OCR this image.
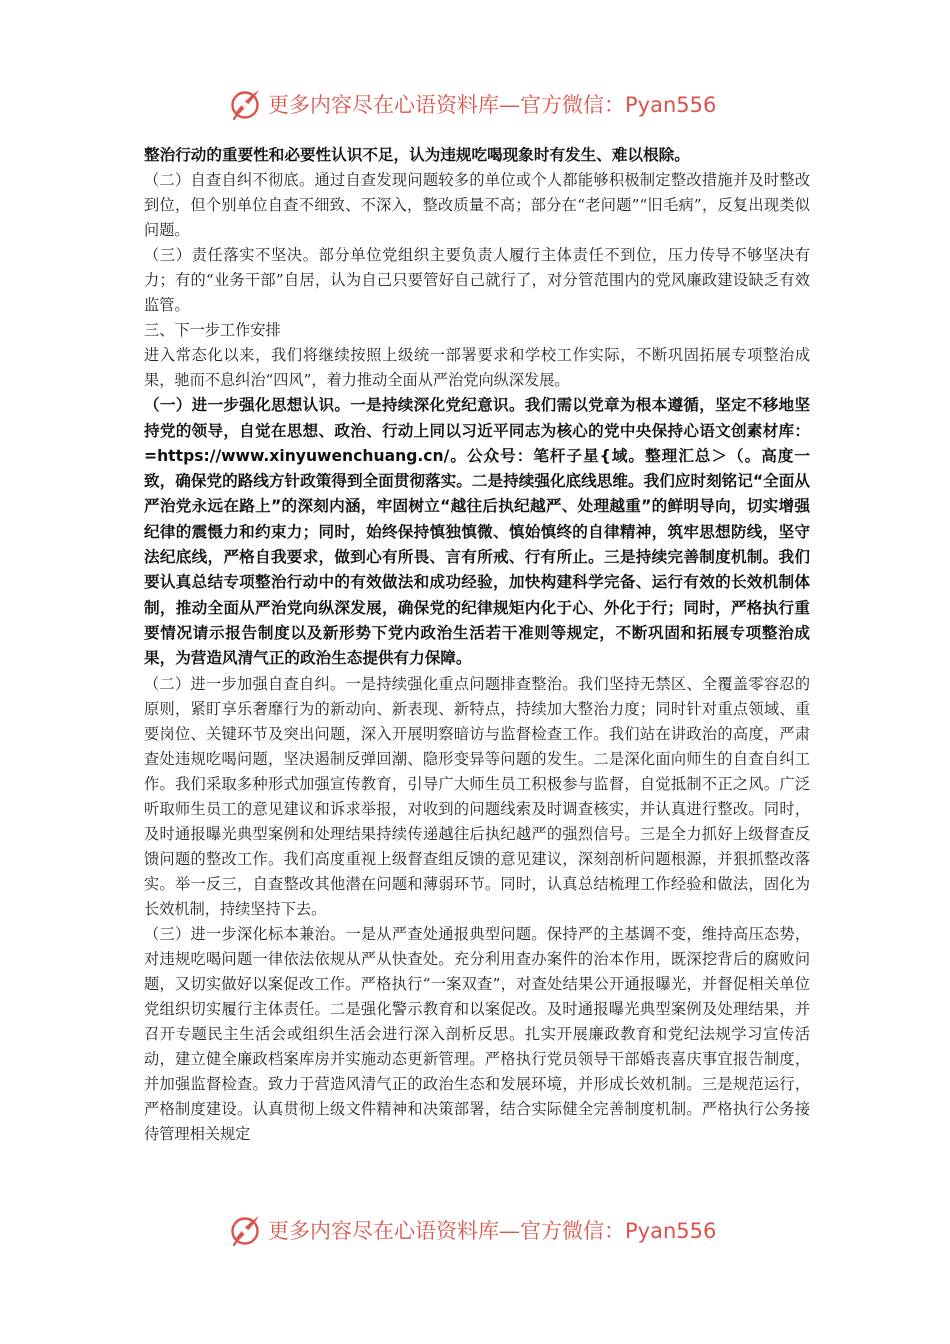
更多内容尽在心语资料库—官方微信：Pyan556

整治行动的重要性和必要性认识不足，认为违规吃喝现象时有发生、难以根除。

（二）自查自纠不彻底。通过自查发现问题较多的单位或个人都能够积极制定整改措施并及时整改到位，但个别单位自查不细致、不深入，整改质量不高；部分在“老问题”“旧毛病”，反复出现类似问题。

（三）责任落实不坚决。部分单位党组织主要负责人履行主体责任不到位，压力传导不够坚决有力；有的“业务干部”自居，认为自己只要管好自己就行了，对分管范围内的党风廉政建设缺乏有效监管。

三、下一步工作安排

进入常态化以来，我们将继续按照上级统一部署要求和学校工作实际，不断巩固拓展专项整治成果，驰而不息纠治“四风”，着力推动全面从严治党向纵深发展。

（一）进一步强化思想认识。一是持续深化党纪意识。我们需以党章为根本遵循，坚定不移地坚持党的领导，自觉在思想、政治、行动上同以习近平同志为核心的党中央保持心语文创素材库：=https://www.xinyuwenchuang.cn/。公众号：笔杆子星{域。整理汇总＞（。高度一致，确保党的路线方针政策得到全面贯彻落实。二是持续强化底线思维。我们应时刻铭记“全面从严治党永远在路上”的深刻内涵，牢固树立“越往后执纪越严、处理越重”的鲜明导向，切实增强纪律的震慑力和约束力；同时，始终保持慎独慎微、慎始慎终的自律精神，筑牢思想防线，坚守法纪底线，严格自我要求，做到心有所畏、言有所戒、行有所止。三是持续完善制度机制。我们要认真总结专项整治行动中的有效做法和成功经验，加快构建科学完备、运行有效的长效机制体制，推动全面从严治党向纵深发展，确保党的纪律规矩内化于心、外化于行；同时，严格执行重要情况请示报告制度以及新形势下党内政治生活若干准则等规定，不断巩固和拓展专项整治成果，为营造风清气正的政治生态提供有力保障。

（二）进一步加强自查自纠。一是持续强化重点问题排查整治。我们坚持无禁区、全覆盖零容忍的原则，紧盯享乐奢靡行为的新动向、新表现、新特点，持续加大整治力度；同时针对重点领域、重要岗位、关键环节及突出问题，深入开展明察暗访与监督检查工作。我们站在讲政治的高度，严肃查处违规吃喝问题，坚决遏制反弹回潮、隐形变异等问题的发生。二是深化面向师生的自查自纠工作。我们采取多种形式加强宣传教育，引导广大师生员工积极参与监督，自觉抵制不正之风。广泛听取师生员工的意见建议和诉求举报，对收到的问题线索及时调查核实，并认真进行整改。同时，及时通报曝光典型案例和处理结果持续传递越往后执纪越严的强烈信号。三是全力抓好上级督查反馈问题的整改工作。我们高度重视上级督查组反馈的意见建议，深刻剖析问题根源，并狠抓整改落实。举一反三，自查整改其他潜在问题和薄弱环节。同时，认真总结梳理工作经验和做法，固化为长效机制，持续坚持下去。

（三）进一步深化标本兼治。一是从严查处通报典型问题。保持严的主基调不变，维持高压态势，对违规吃喝问题一律依法依规从严从快查处。充分利用查办案件的治本作用，既深挖背后的腐败问题，又切实做好以案促改工作。严格执行“一案双查”，对查处结果公开通报曝光，并督促相关单位党组织切实履行主体责任。二是强化警示教育和以案促改。及时通报曝光典型案例及处理结果，并召开专题民主生活会或组织生活会进行深入剖析反思。扎实开展廉政教育和党纪法规学习宣传活动，建立健全廉政档案库房并实施动态更新管理。严格执行党员领导干部婚丧喜庆事宜报告制度，并加强监督检查。致力于营造风清气正的政治生态和发展环境，并形成长效机制。三是规范运行，严格制度建设。认真贯彻上级文件精神和决策部署，结合实际健全完善制度机制。严格执行公务接待管理相关规定

更多内容尽在心语资料库—官方微信：Pyan556
